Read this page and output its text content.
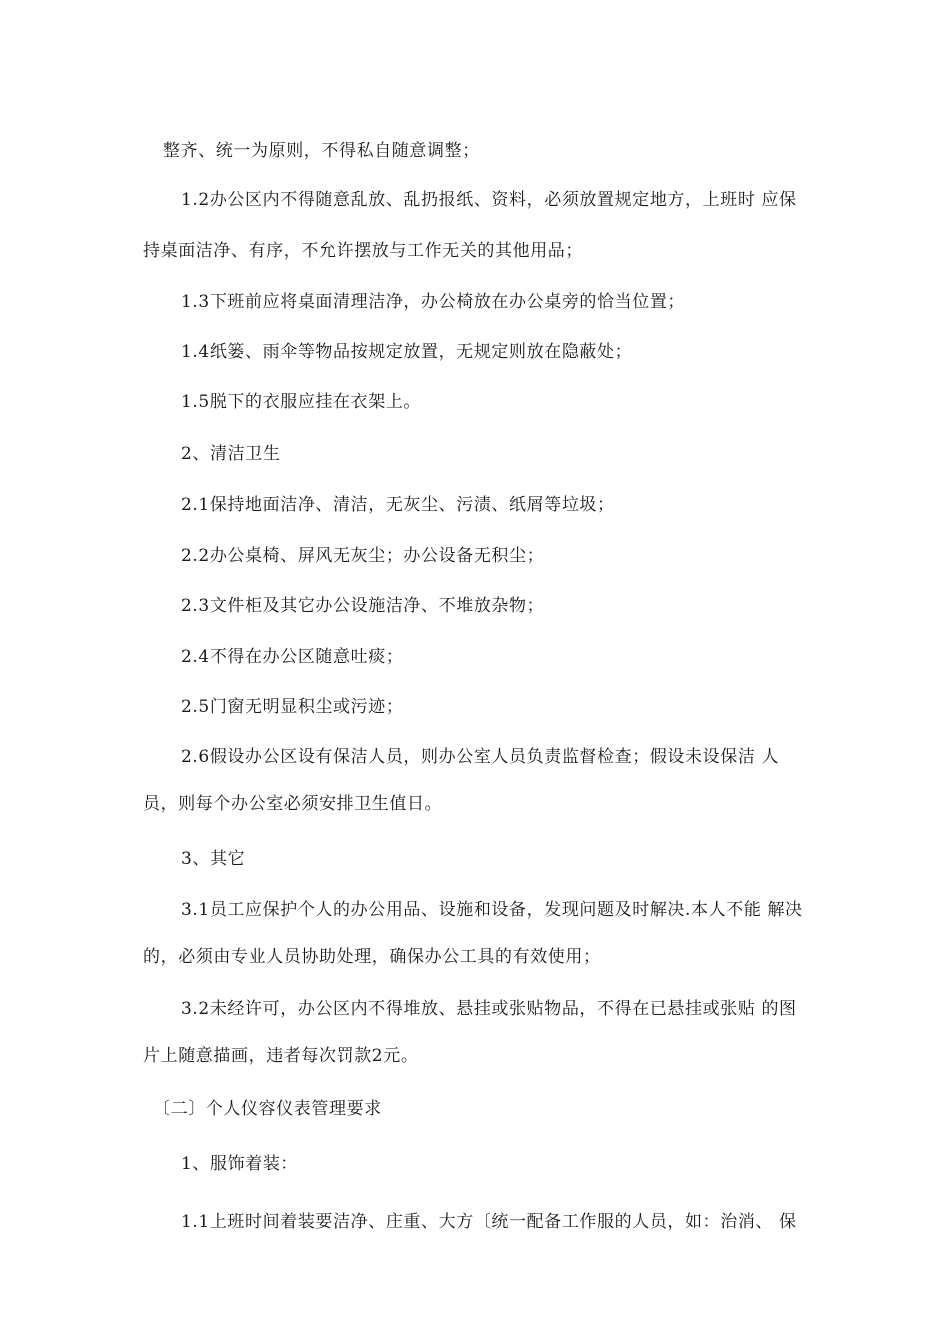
整齐、统一为原则，不得私自随意调整；
1.2办公区内不得随意乱放、乱扔报纸、资料，必须放置规定地方，上班时 应保
持桌面洁净、有序，不允许摆放与工作无关的其他用品；
1.3下班前应将桌面清理洁净，办公椅放在办公桌旁的恰当位置；
1.4纸篓、雨伞等物品按规定放置，无规定则放在隐蔽处；
1.5脱下的衣服应挂在衣架上。
2、清洁卫生
2.1保持地面洁净、清洁，无灰尘、污渍、纸屑等垃圾；
2.2办公桌椅、屏风无灰尘；办公设备无积尘；
2.3文件柜及其它办公设施洁净、不堆放杂物；
2.4不得在办公区随意吐痰；
2.5门窗无明显积尘或污迹；
2.6假设办公区设有保洁人员，则办公室人员负责监督检查；假设未设保洁 人
员，则每个办公室必须安排卫生值日。
3、其它
3.1员工应保护个人的办公用品、设施和设备，发现问题及时解决.本人不能 解决
的，必须由专业人员协助处理，确保办公工具的有效使用；
3.2未经许可，办公区内不得堆放、悬挂或张贴物品，不得在已悬挂或张贴 的图
片上随意描画，违者每次罚款2元。
〔二〕个人仪容仪表管理要求
1、服饰着装：
1.1上班时间着装要洁净、庄重、大方〔统一配备工作服的人员，如：治消、 保
